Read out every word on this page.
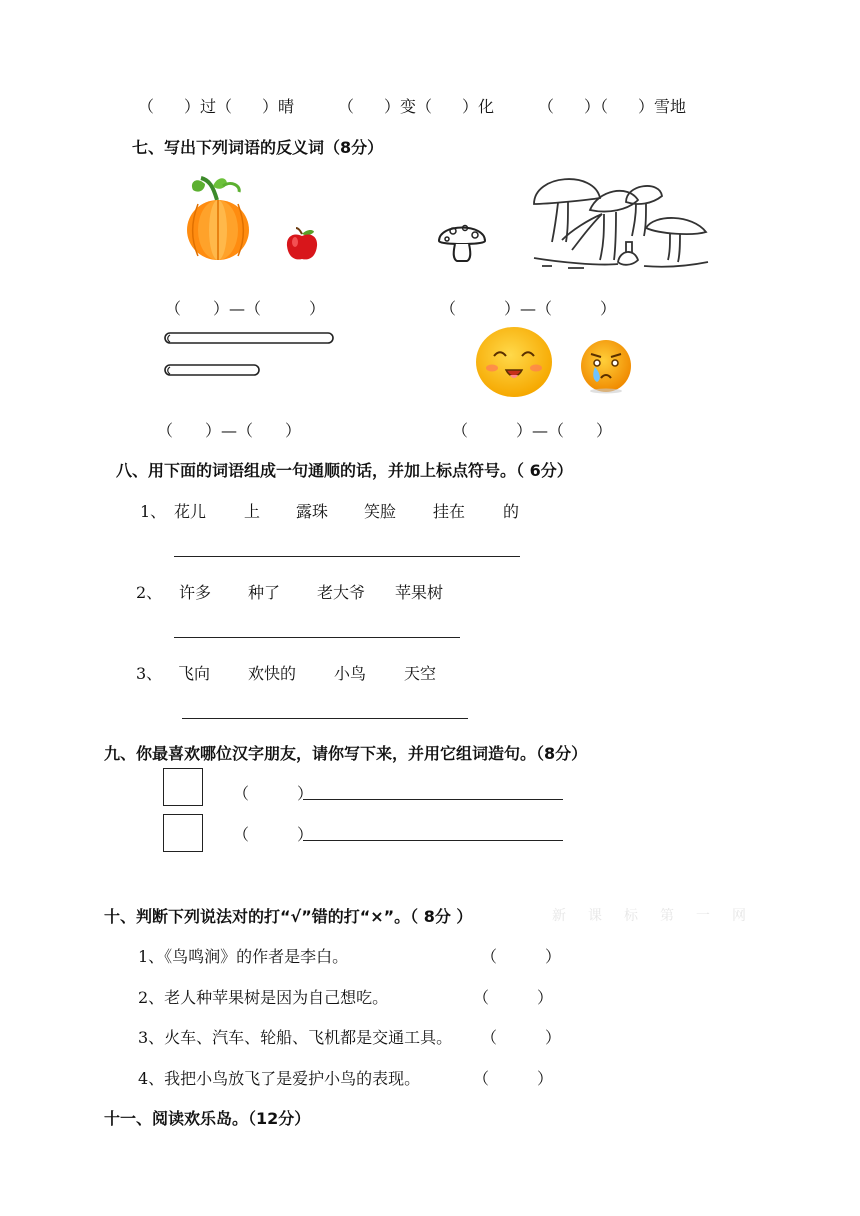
（ ）过（ ）晴	（ ）变（ ）化	（ ）（ ）雪地
七、写出下列词语的反义词（8分）
（　　）—（　　　）	（　　　）—（　　　）
（　　）—（　　）	（　　　）—（　　）
八、用下面的词语组成一句通顺的话，并加上标点符号。（ 6分）
1、 花儿 上 露珠 笑脸 挂在 的
2、 许多 种了 老大爷 苹果树
3、 飞向 欢快的 小鸟 天空
九、你最喜欢哪位汉字朋友，请你写下来，并用它组词造句。（8分）
（　　　）
（　　　）
十、判断下列说法对的打“√”错的打“×”。（ 8分 ）	新课标第一网
1、《鸟鸣涧》的作者是李白。	（　　　）
2、老人种苹果树是因为自己想吃。	（　　　）
3、火车、汽车、轮船、飞机都是交通工具。 （　　　）
4、我把小鸟放飞了是爱护小鸟的表现。	（　　　）
十一、阅读欢乐岛。（12分）
